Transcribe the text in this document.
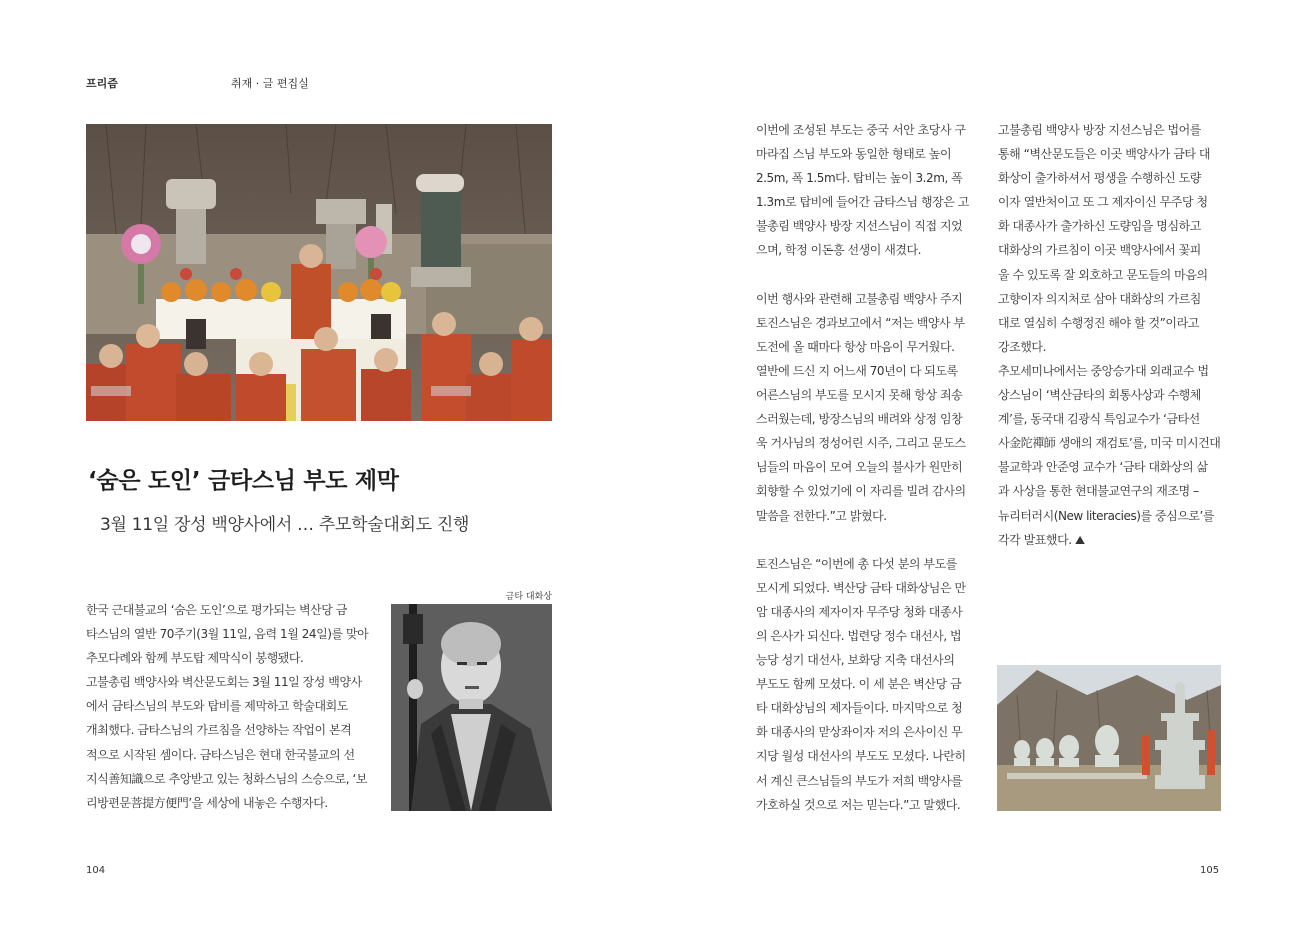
프리즘	취재 · 글 편집실
‘숨은 도인’ 금타스님 부도 제막
3월 11일 장성 백양사에서 … 추모학술대회도 진행
금타 대화상
한국 근대불교의 ‘숨은 도인’으로 평가되는 벽산당 금
타스님의 열반 70주기(3월 11일, 음력 1월 24일)를 맞아
추모다례와 함께 부도탑 제막식이 봉행됐다.
고불총림 백양사와 벽산문도회는 3월 11일 장성 백양사
에서 금타스님의 부도와 탑비를 제막하고 학술대회도
개최했다. 금타스님의 가르침을 선양하는 작업이 본격
적으로 시작된 셈이다. 금타스님은 현대 한국불교의 선
지식善知識으로 추앙받고 있는 청화스님의 스승으로, ‘보
리방편문菩提方便門’을 세상에 내놓은 수행자다.
이번에 조성된 부도는 중국 서안 초당사 구
마라집 스님 부도와 동일한 형태로 높이
2.5m, 폭 1.5m다. 탑비는 높이 3.2m, 폭
1.3m로 탑비에 들어간 금타스님 행장은 고
불총림 백양사 방장 지선스님이 직접 지었
으며, 학정 이돈흥 선생이 새겼다.
이번 행사와 관련해 고불총림 백양사 주지
토진스님은 경과보고에서 “저는 백양사 부
도전에 올 때마다 항상 마음이 무거웠다.
열반에 드신 지 어느새 70년이 다 되도록
어른스님의 부도를 모시지 못해 항상 죄송
스러웠는데, 방장스님의 배려와 상정 임창
욱 거사님의 정성어린 시주, 그리고 문도스
님들의 마음이 모여 오늘의 불사가 원만히
회향할 수 있었기에 이 자리를 빌려 감사의
말씀을 전한다.”고 밝혔다.
토진스님은 “이번에 총 다섯 분의 부도를
모시게 되었다. 벽산당 금타 대화상님은 만
암 대종사의 제자이자 무주당 청화 대종사
의 은사가 되신다. 법련당 정수 대선사, 법
능당 성기 대선사, 보화당 지축 대선사의
부도도 함께 모셨다. 이 세 분은 벽산당 금
타 대화상님의 제자들이다. 마지막으로 청
화 대종사의 맏상좌이자 저의 은사이신 무
지당 월성 대선사의 부도도 모셨다. 나란히
서 계신 큰스님들의 부도가 저희 백양사를
가호하실 것으로 저는 믿는다.”고 말했다.
고불총림 백양사 방장 지선스님은 법어를
통해 “벽산문도들은 이곳 백양사가 금타 대
화상이 출가하셔서 평생을 수행하신 도량
이자 열반처이고 또 그 제자이신 무주당 청
화 대종사가 출가하신 도량임을 명심하고
대화상의 가르침이 이곳 백양사에서 꽃피
울 수 있도록 잘 외호하고 문도들의 마음의
고향이자 의지처로 삼아 대화상의 가르침
대로 열심히 수행정진 해야 할 것”이라고
강조했다.
추모세미나에서는 중앙승가대 외래교수 법
상스님이 ‘벽산금타의 회통사상과 수행체
계’를, 동국대 김광식 특임교수가 ‘금타선
사金陀禪師 생애의 재검토’를, 미국 미시건대
불교학과 안준영 교수가 ‘금타 대화상의 삶
과 사상을 통한 현대불교연구의 재조명 –
뉴리터러시(New literacies)를 중심으로’를
각각 발표했다. ⛰
104	105
